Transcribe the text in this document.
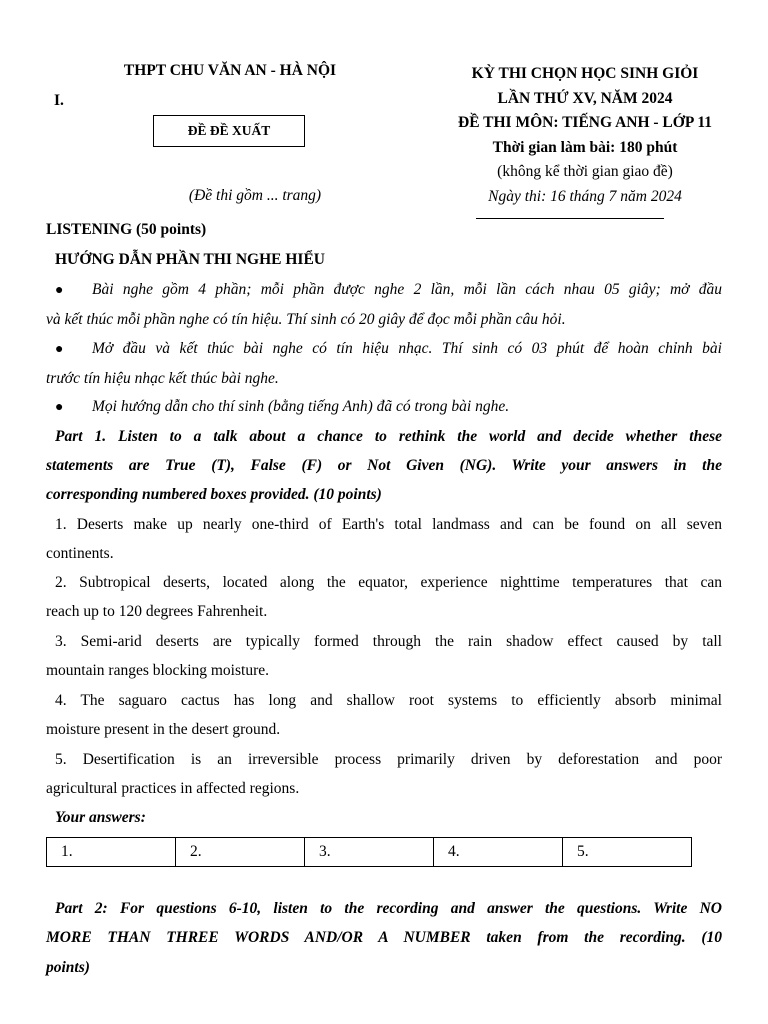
THPT CHU VĂN AN - HÀ NỘI
I.
ĐỀ ĐỀ XUẤT
(Đề thi gồm ... trang)
KỲ THI CHỌN HỌC SINH GIỎI
LẦN THỨ XV, NĂM 2024
ĐỀ THI MÔN: TIẾNG ANH - LỚP 11
Thời gian làm bài: 180 phút
(không kể thời gian giao đề)
Ngày thi: 16 tháng 7 năm 2024
LISTENING (50 points)
HƯỚNG DẪN PHẦN THI NGHE HIỂU
● Bài nghe gồm 4 phần; mỗi phần được nghe 2 lần, mỗi lần cách nhau 05 giây; mở đầu
và kết thúc mỗi phần nghe có tín hiệu. Thí sinh có 20 giây để đọc mỗi phần câu hỏi.
● Mở đầu và kết thúc bài nghe có tín hiệu nhạc. Thí sinh có 03 phút để hoàn chỉnh bài
trước tín hiệu nhạc kết thúc bài nghe.
● Mọi hướng dẫn cho thí sinh (bằng tiếng Anh) đã có trong bài nghe.
Part 1. Listen to a talk about a chance to rethink the world and decide whether these
statements are True (T), False (F) or Not Given (NG). Write your answers in the
corresponding numbered boxes provided. (10 points)
1. Deserts make up nearly one-third of Earth's total landmass and can be found on all seven
continents.
2. Subtropical deserts, located along the equator, experience nighttime temperatures that can
reach up to 120 degrees Fahrenheit.
3. Semi-arid deserts are typically formed through the rain shadow effect caused by tall
mountain ranges blocking moisture.
4. The saguaro cactus has long and shallow root systems to efficiently absorb minimal
moisture present in the desert ground.
5. Desertification is an irreversible process primarily driven by deforestation and poor
agricultural practices in affected regions.
Your answers:
1.	2.	3.	4.	5.
Part 2: For questions 6-10, listen to the recording and answer the questions. Write NO
MORE THAN THREE WORDS AND/OR A NUMBER taken from the recording. (10
points)
